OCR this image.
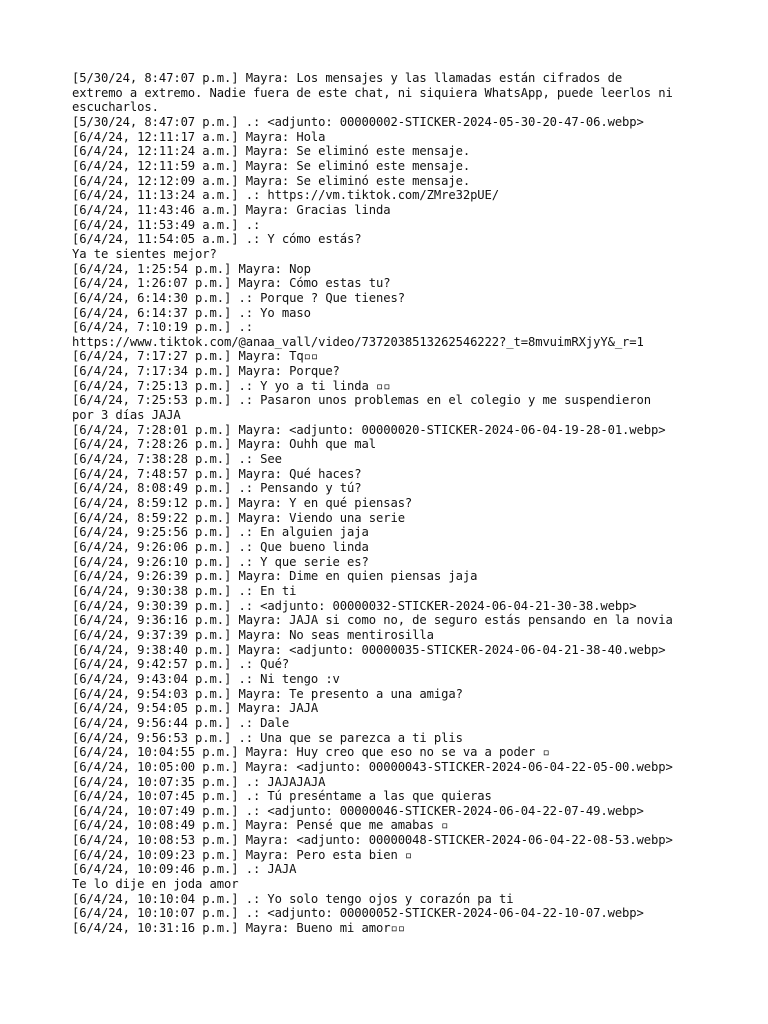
[5/30/24, 8:47:07 p.m.] Mayra: Los mensajes y las llamadas están cifrados de
extremo a extremo. Nadie fuera de este chat, ni siquiera WhatsApp, puede leerlos ni
escucharlos.
[5/30/24, 8:47:07 p.m.] .: <adjunto: 00000002-STICKER-2024-05-30-20-47-06.webp>
[6/4/24, 12:11:17 a.m.] Mayra: Hola
[6/4/24, 12:11:24 a.m.] Mayra: Se eliminó este mensaje.
[6/4/24, 12:11:59 a.m.] Mayra: Se eliminó este mensaje.
[6/4/24, 12:12:09 a.m.] Mayra: Se eliminó este mensaje.
[6/4/24, 11:13:24 a.m.] .: https://vm.tiktok.com/ZMre32pUE/
[6/4/24, 11:43:46 a.m.] Mayra: Gracias linda
[6/4/24, 11:53:49 a.m.] .:
[6/4/24, 11:54:05 a.m.] .: Y cómo estás?
Ya te sientes mejor?
[6/4/24, 1:25:54 p.m.] Mayra: Nop
[6/4/24, 1:26:07 p.m.] Mayra: Cómo estas tu?
[6/4/24, 6:14:30 p.m.] .: Porque ? Que tienes?
[6/4/24, 6:14:37 p.m.] .: Yo maso
[6/4/24, 7:10:19 p.m.] .:
https://www.tiktok.com/@anaa_vall/video/7372038513262546222?_t=8mvuimRXjyY&_r=1
[6/4/24, 7:17:27 p.m.] Mayra: Tq▫▫
[6/4/24, 7:17:34 p.m.] Mayra: Porque?
[6/4/24, 7:25:13 p.m.] .: Y yo a ti linda ▫▫
[6/4/24, 7:25:53 p.m.] .: Pasaron unos problemas en el colegio y me suspendieron
por 3 días JAJA
[6/4/24, 7:28:01 p.m.] Mayra: <adjunto: 00000020-STICKER-2024-06-04-19-28-01.webp>
[6/4/24, 7:28:26 p.m.] Mayra: Ouhh que mal
[6/4/24, 7:38:28 p.m.] .: See
[6/4/24, 7:48:57 p.m.] Mayra: Qué haces?
[6/4/24, 8:08:49 p.m.] .: Pensando y tú?
[6/4/24, 8:59:12 p.m.] Mayra: Y en qué piensas?
[6/4/24, 8:59:22 p.m.] Mayra: Viendo una serie
[6/4/24, 9:25:56 p.m.] .: En alguien jaja
[6/4/24, 9:26:06 p.m.] .: Que bueno linda
[6/4/24, 9:26:10 p.m.] .: Y que serie es?
[6/4/24, 9:26:39 p.m.] Mayra: Dime en quien piensas jaja
[6/4/24, 9:30:38 p.m.] .: En ti
[6/4/24, 9:30:39 p.m.] .: <adjunto: 00000032-STICKER-2024-06-04-21-30-38.webp>
[6/4/24, 9:36:16 p.m.] Mayra: JAJA si como no, de seguro estás pensando en la novia
[6/4/24, 9:37:39 p.m.] Mayra: No seas mentirosilla
[6/4/24, 9:38:40 p.m.] Mayra: <adjunto: 00000035-STICKER-2024-06-04-21-38-40.webp>
[6/4/24, 9:42:57 p.m.] .: Qué?
[6/4/24, 9:43:04 p.m.] .: Ni tengo :v
[6/4/24, 9:54:03 p.m.] Mayra: Te presento a una amiga?
[6/4/24, 9:54:05 p.m.] Mayra: JAJA
[6/4/24, 9:56:44 p.m.] .: Dale
[6/4/24, 9:56:53 p.m.] .: Una que se parezca a ti plis
[6/4/24, 10:04:55 p.m.] Mayra: Huy creo que eso no se va a poder ▫
[6/4/24, 10:05:00 p.m.] Mayra: <adjunto: 00000043-STICKER-2024-06-04-22-05-00.webp>
[6/4/24, 10:07:35 p.m.] .: JAJAJAJA
[6/4/24, 10:07:45 p.m.] .: Tú preséntame a las que quieras
[6/4/24, 10:07:49 p.m.] .: <adjunto: 00000046-STICKER-2024-06-04-22-07-49.webp>
[6/4/24, 10:08:49 p.m.] Mayra: Pensé que me amabas ▫
[6/4/24, 10:08:53 p.m.] Mayra: <adjunto: 00000048-STICKER-2024-06-04-22-08-53.webp>
[6/4/24, 10:09:23 p.m.] Mayra: Pero esta bien ▫
[6/4/24, 10:09:46 p.m.] .: JAJA
Te lo dije en joda amor
[6/4/24, 10:10:04 p.m.] .: Yo solo tengo ojos y corazón pa ti
[6/4/24, 10:10:07 p.m.] .: <adjunto: 00000052-STICKER-2024-06-04-22-10-07.webp>
[6/4/24, 10:31:16 p.m.] Mayra: Bueno mi amor▫▫
